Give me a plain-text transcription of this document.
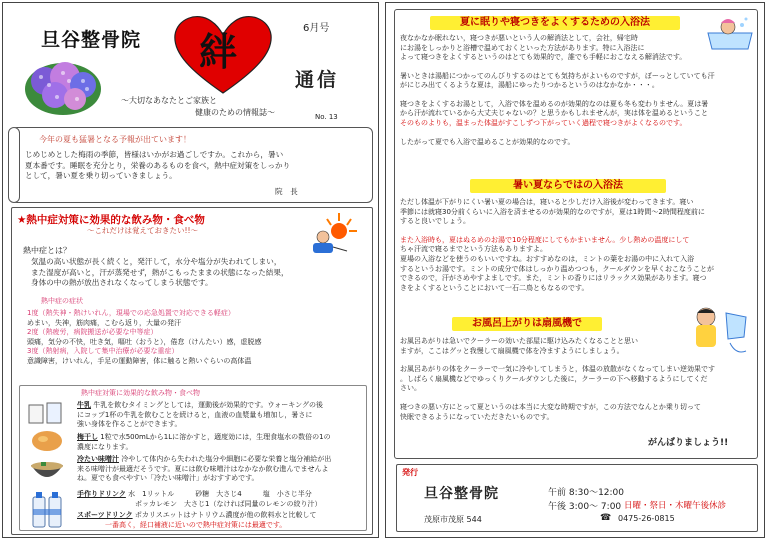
旦谷整骨院 絆
6月号
通信
～大切なあなたとご家族と
健康のための情報誌～	No. 13
今年の夏も猛暑となる予報が出ています！
じめじめとした梅雨の季節，皆様はいかがお過ごしですか。これから，暑い
夏本番です。睡眠を充分とり，栄養のあるものを食べ，熱中症対策をしっかり
として，暑い夏を乗り切っていきましょう。
院　長
★熱中症対策に効果的な飲み物・食べ物
～これだけは覚えておきたい!!～
熱中症とは？
気温の高い状態が長く続くと，発汗して，水分や塩分が失われてしまい，
また湿度が高いと，汗が蒸発せず，熱がこもったままの状態になった結果，
身体の中の熱が放出されなくなってしまう状態です。
熱中症の症状
1度（熱失神・熱けいれん，現場での応急処置で対応できる軽症）
めまい，失神，筋肉痛，こむら返り，大量の発汗
2度（熱疲労，病院搬送が必要な中等症）
頭痛，気分の不快，吐き気，嘔吐（おうと），倦怠（けんたい）感，虚脱感
3度（熱射病，入院して集中治療が必要な重症）
意識障害，けいれん，手足の運動障害，体に触ると熱いぐらいの高体温
熱中症対策に効果的な飲み物・食べ物
牛乳 牛乳を飲むタイミングとしては，運動後が効果的です。ウォーキングの後
にコップ1杯の牛乳を飲むことを続けると，血液の血漿量も増加し，暑さに
強い身体を作ることができます。
梅干し 1粒で水500mLから1Lに溶かすと，適度効には，生理食塩水の数倍の1の
濃度になります。
冷たい味噌汁 冷やして体内から失われた塩分や細胞に必要な栄養と塩分補給が出
来る味噌汁が最適だそうです。夏には飲む味噌汁はなかなか飲む進んでませんよ
ね。夏でも食べやすい「冷たい味噌汁」がおすすめです。
手作りドリンク 水　1リットル　　　砂糖　大さじ4　　　塩　小さじ半分
ポッカレモン　大さじ1（なければ同量のレモンの絞り汁）
スポーツドリンク ポカリスエットはナトリウム濃度が他の飲料水と比較して
一番高く，経口補液に近いので熱中症対策には最適です。
夏に眠りや寝つきをよくするための入浴法
夜なかなか眠れない，寝つきが悪いという人の解消法として，会社，帰宅時
にお湯をしっかりと浴槽で温めておくといった方法があります。特に入浴法に
よって寝つきをよくするというのはとても効果的で，誰でも手軽におこなえる解消法です。
暑いときは湯船につかってのんびりするのはとても気持ちがよいものですが，ぼーっとしていても汗
がにじみ出てくるような夏は，湯船にゆったりつかるというのはなかなか・・・。
寝つきをよくするお湯として，入浴で体を温めるのが効果的なのは夏も冬も変わりません。夏は暑
から汗が流れているから大丈夫じゃないの？と思うかもしれませんが，実は体を温めるということ
そのものよりも，温まった体温がすこしずつ下がっていく過程で寝つきがよくなるのです。
したがって夏でも入浴で温めることが効果的なのです。
暑い夏ならではの入浴法
ただし体温が下がりにくい暑い夏の場合は，寝いると少しだけ入浴後が変わってきます。寝い
季節には就寝30分前くらいに入浴を済ませるのが効果的なのですが，夏は1時間～2時間程度前に
すると良いでしょう。
また入浴時も，夏はぬるめのお湯で10分程度にしてもかまいません。少し熱めの温度にして
ちゃ汗流で寝るまでという方法もありますよ。
夏場の入浴などを使うのもいいですね。おすすめなのは，ミントの葉をお湯の中に入れて入浴
するというお湯です。ミントの成分で体はしっかり温めつつも，クールダウンを早くおこなうことが
できるので，汗がさめやすよましです。また，ミントの香りにはリラックス効果があります。寝つ
きをよくするということにおいて一石二鳥ともなるのです。
お風呂上がりは扇風機で
お風呂あがりは急いでクーラーの効いた部屋に駆け込みたくなることと思い
ますが，ここはグッと我慢して扇風機で体を冷ますようにしましょう。
お風呂あがりの体をクーラーで一気に冷やしてしまうと，体温の放散がなくなってしまい逆効果です
。しばらく扇風機などでゆっくりクールダウンした後に，クーラーの下へ移動するようにしてくだ
さい。
寝つきの悪い方にとって夏というのは本当に大変な時期ですが，この方法でなんとか乗り切って
快眠できるようになっていただきたいものです。
がんばりましょう!!
発行
旦谷整骨院	午前 8:30～12:00
午後 3:00～ 7:00 日曜・祭日・木曜午後休診
茂原市茂原 544	☎ 0475-26-0815
